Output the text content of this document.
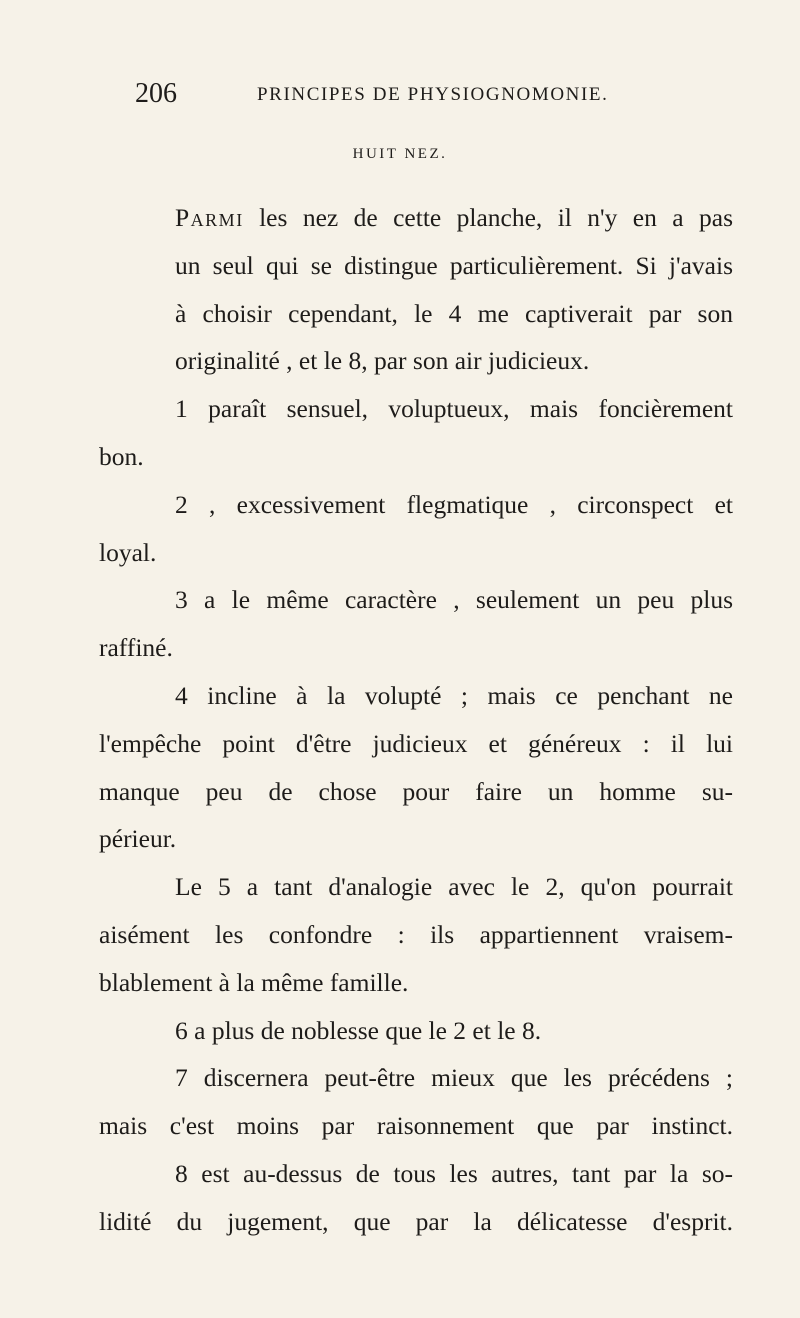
206	PRINCIPES DE PHYSIOGNOMONIE.
HUIT NEZ.

Parmi les nez de cette planche, il n'y en a pas
un seul qui se distingue particulièrement. Si j'avais
à choisir cependant, le 4 me captiverait par son
originalité , et le 8, par son air judicieux.

1 paraît sensuel, voluptueux, mais foncièrement
bon.

2 , excessivement flegmatique , circonspect et
loyal.

3 a le même caractère , seulement un peu plus
raffiné.

4 incline à la volupté ; mais ce penchant ne
l'empêche point d'être judicieux et généreux : il lui
manque peu de chose pour faire un homme su-
périeur.

Le 5 a tant d'analogie avec le 2, qu'on pourrait
aisément les confondre : ils appartiennent vraisem-
blablement à la même famille.

6 a plus de noblesse que le 2 et le 8.

7 discernera peut-être mieux que les précédens ;
mais c'est moins par raisonnement que par instinct.

8 est au-dessus de tous les autres, tant par la so-
lidité du jugement, que par la délicatesse d'esprit.
